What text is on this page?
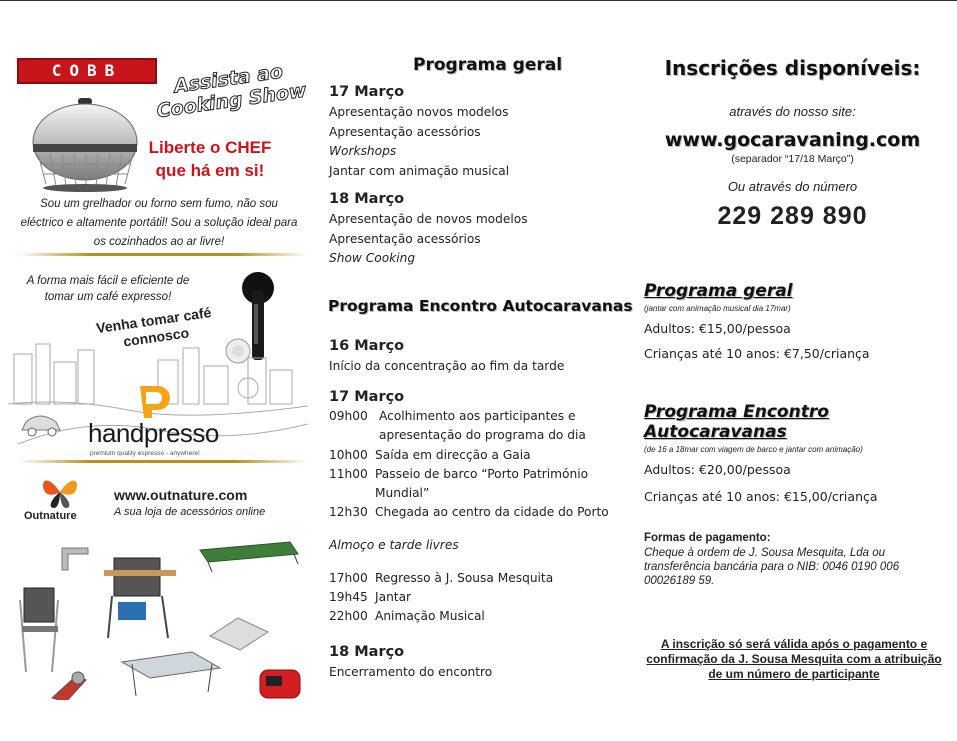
COBB	Assista ao Cooking Show
Liberte o CHEF
que há em si!
Sou um grelhador ou forno sem fumo, não sou eléctrico e altamente portátil! Sou a solução ideal para os cozinhados ao ar livre!
A forma mais fácil e eficiente de tomar um café expresso!
Venha tomar café connosco
handpresso
premium quality espresso - anywhere!
Outnature
www.outnature.com
A sua loja de acessórios online
Programa geral
17 Março
Apresentação novos modelos
Apresentação acessórios
Workshops
Jantar com animação musical
18 Março
Apresentação de novos modelos
Apresentação acessórios
Show Cooking
Programa Encontro Autocaravanas
16 Março
Início da concentração ao fim da tarde
17 Março
09h00 Acolhimento aos participantes e
apresentação do programa do dia
10h00 Saída em direcção a Gaia
11h00 Passeio de barco “Porto Património
Mundial”
12h30 Chegada ao centro da cidade do Porto
Almoço e tarde livres
17h00 Regresso à J. Sousa Mesquita
19h45 Jantar
22h00 Animação Musical
18 Março
Encerramento do encontro
Inscrições disponíveis:
através do nosso site:
www.gocaravaning.com
(separador “17/18 Março”)
Ou através do número
229 289 890
Programa geral
(jantar com animação musical dia 17mar)
Adultos: €15,00/pessoa
Crianças até 10 anos: €7,50/criança
Programa Encontro Autocaravanas
(de 16 a 18mar com viagem de barco e jantar com animação)
Adultos: €20,00/pessoa
Crianças até 10 anos: €15,00/criança
Formas de pagamento:
Cheque à ordem de J. Sousa Mesquita, Lda ou transferência bancária para o NIB: 0046 0190 006 00026189 59.
A inscrição só será válida após o pagamento e confirmação da J. Sousa Mesquita com a atribuição de um número de participante
